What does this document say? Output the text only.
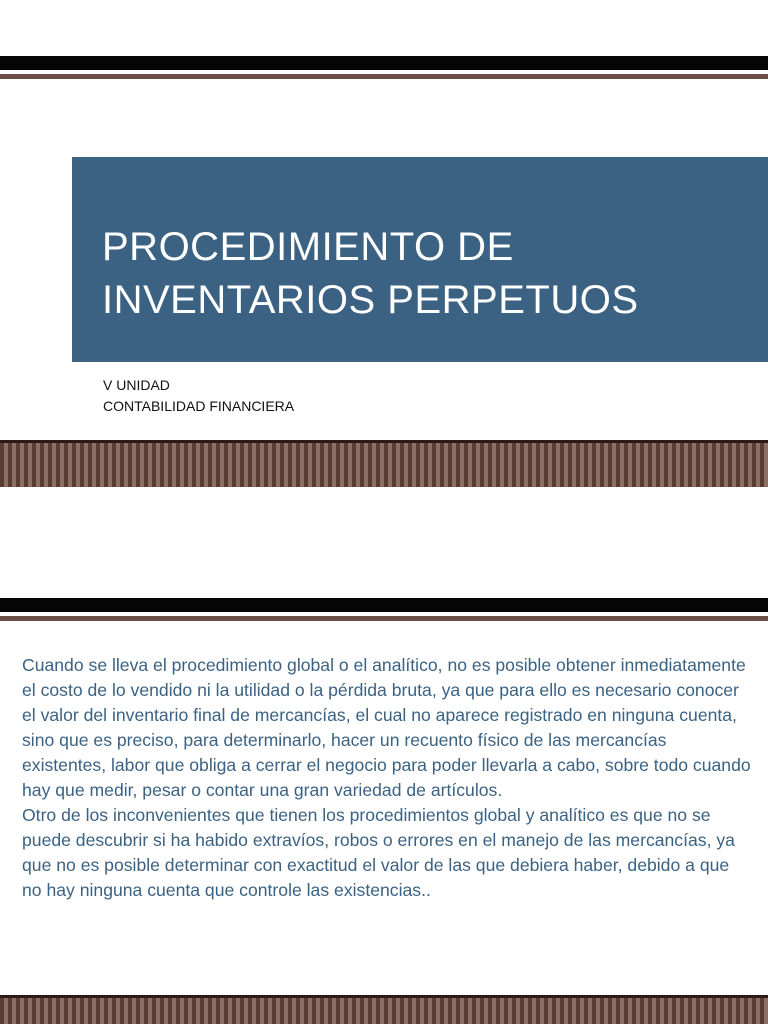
PROCEDIMIENTO DE
INVENTARIOS PERPETUOS
V UNIDAD
CONTABILIDAD FINANCIERA

Cuando se lleva el procedimiento global o el analítico, no es posible obtener inmediatamente el costo de lo vendido ni la utilidad o la pérdida bruta, ya que para ello es necesario conocer el valor del inventario final de mercancías, el cual no aparece registrado en ninguna cuenta, sino que es preciso, para determinarlo, hacer un recuento físico de las mercancías existentes, labor que obliga a cerrar el negocio para poder llevarla a cabo, sobre todo cuando hay que medir, pesar o contar una gran variedad de artículos.

Otro de los inconvenientes que tienen los procedimientos global y analítico es que no se puede descubrir si ha habido extravíos, robos o errores en el manejo de las mercancías, ya que no es posible determinar con exactitud el valor de las que debiera haber, debido a que no hay ninguna cuenta que controle las existencias..
